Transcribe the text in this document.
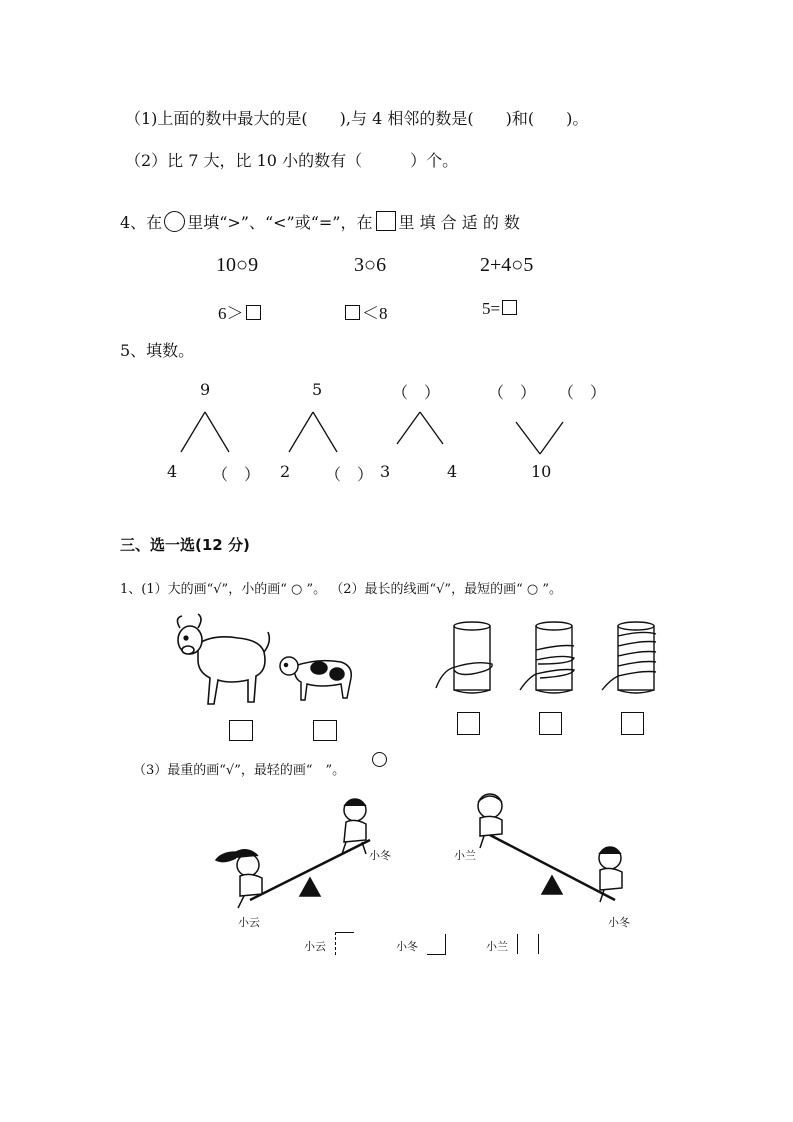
（1)上面的数中最大的是(　　),与 4 相邻的数是(　　)和(　　)。
（2）比 7 大，比 10 小的数有（　　　）个。
4、在 里填“>”、“<”或“=”，在 里 填 合 适 的 数
10○9	3○6	2+4○5
6＞	＜8	5=
5、填数。
9	5	（　）	（　） （　）
4 （　） 2 （　） 3	4	10
三、选一选(12 分)
1、(1）大的画“√”，小的画“ ○ ”。 （2）最长的线画“√”，最短的画“ ○ ”。
（3）最重的画“√”，最轻的画“　”。
小冬
小云
小兰
小冬
小云	小冬	小兰
